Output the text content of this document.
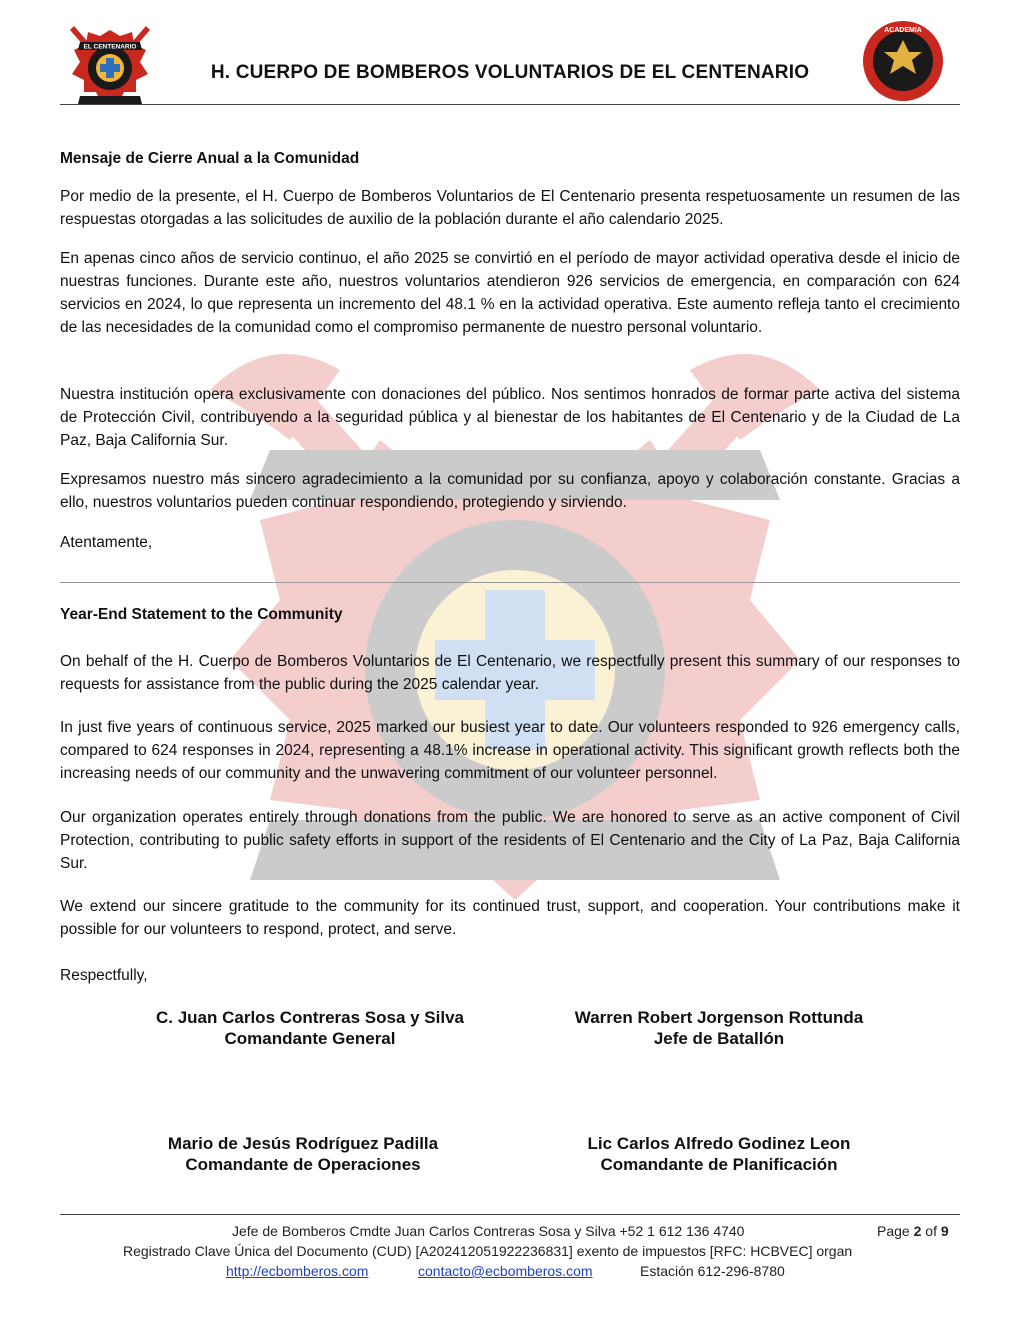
EL CENTENARIO
H. CUERPO DE BOMBEROS VOLUNTARIOS DE EL CENTENARIO
ACADEMIA
Mensaje de Cierre Anual a la Comunidad
Por medio de la presente, el H. Cuerpo de Bomberos Voluntarios de El Centenario presenta respetuosamente un resumen de las respuestas otorgadas a las solicitudes de auxilio de la población durante el año calendario 2025.
En apenas cinco años de servicio continuo, el año 2025 se convirtió en el período de mayor actividad operativa desde el inicio de nuestras funciones. Durante este año, nuestros voluntarios atendieron 926 servicios de emergencia, en comparación con 624 servicios en 2024, lo que representa un incremento del 48.1 % en la actividad operativa. Este aumento refleja tanto el crecimiento de las necesidades de la comunidad como el compromiso permanente de nuestro personal voluntario.
Nuestra institución opera exclusivamente con donaciones del público. Nos sentimos honrados de formar parte activa del sistema de Protección Civil, contribuyendo a la seguridad pública y al bienestar de los habitantes de El Centenario y de la Ciudad de La Paz, Baja California Sur.
Expresamos nuestro más sincero agradecimiento a la comunidad por su confianza, apoyo y colaboración constante. Gracias a ello, nuestros voluntarios pueden continuar respondiendo, protegiendo y sirviendo.
Atentamente,
Year-End Statement to the Community
On behalf of the H. Cuerpo de Bomberos Voluntarios de El Centenario, we respectfully present this summary of our responses to requests for assistance from the public during the 2025 calendar year.
In just five years of continuous service, 2025 marked our busiest year to date. Our volunteers responded to 926 emergency calls, compared to 624 responses in 2024, representing a 48.1% increase in operational activity. This significant growth reflects both the increasing needs of our community and the unwavering commitment of our volunteer personnel.
Our organization operates entirely through donations from the public. We are honored to serve as an active component of Civil Protection, contributing to public safety efforts in support of the residents of El Centenario and the City of La Paz, Baja California Sur.
We extend our sincere gratitude to the community for its continued trust, support, and cooperation. Your contributions make it possible for our volunteers to respond, protect, and serve.
Respectfully,
C. Juan Carlos Contreras Sosa y Silva
Comandante General
Warren Robert Jorgenson Rottunda
Jefe de Batallón
Mario de Jesús Rodríguez Padilla
Comandante de Operaciones
Lic Carlos Alfredo Godinez Leon
Comandante de Planificación
Jefe de Bomberos Cmdte Juan Carlos Contreras Sosa y Silva +52 1 612 136 4740	Page 2 of 9
Registrado Clave Única del Documento (CUD) [A202412051922236831] exento de impuestos [RFC: HCBVEC] organ
http://ecbomberos.com	contacto@ecbomberos.com	Estación 612-296-8780
